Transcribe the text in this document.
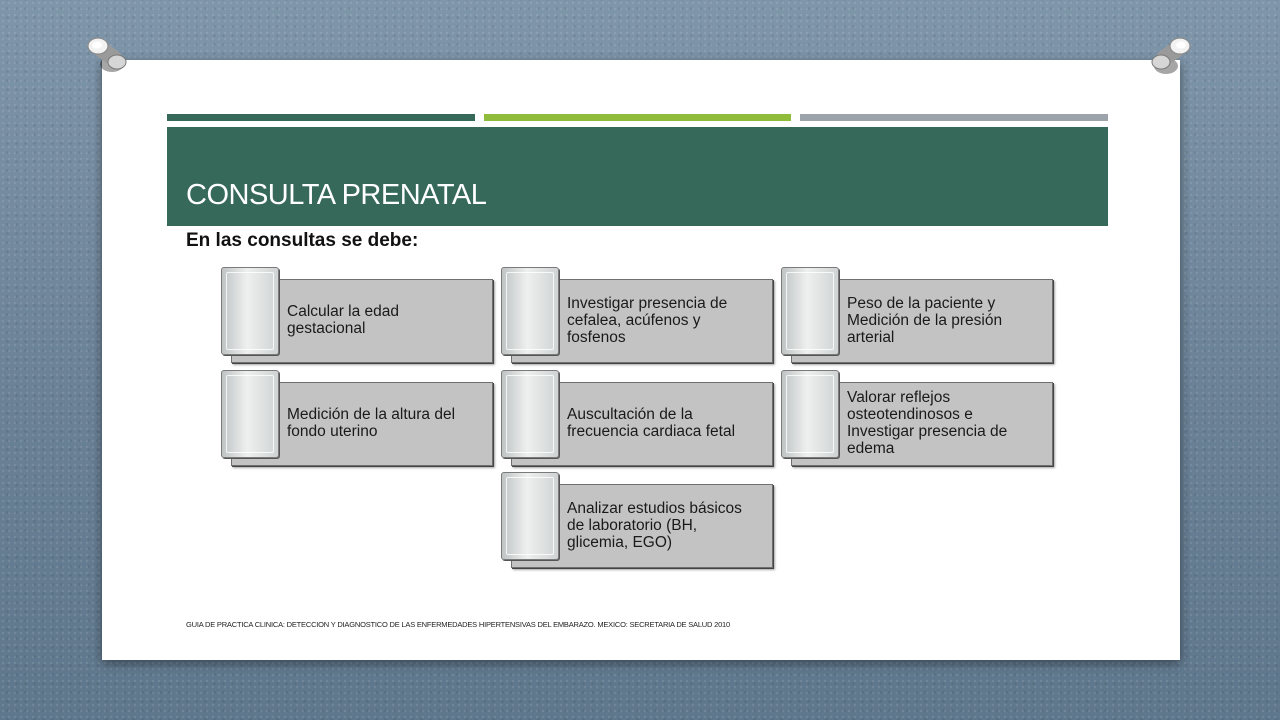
CONSULTA PRENATAL

En las consultas se debe:

Calcular la edad
gestacional
Investigar presencia de
cefalea, acúfenos y
fosfenos
Peso de la paciente y
Medición de la presión
arterial
Medición de la altura del
fondo uterino
Auscultación de la
frecuencia cardiaca fetal
Valorar reflejos
osteotendinosos e
Investigar presencia de
edema
Analizar estudios básicos
de laboratorio (BH,
glicemia, EGO)

GUIA DE PRACTICA CLINICA: DETECCION Y DIAGNOSTICO DE LAS ENFERMEDADES HIPERTENSIVAS DEL EMBARAZO. MEXICO: SECRETARIA DE SALUD 2010
